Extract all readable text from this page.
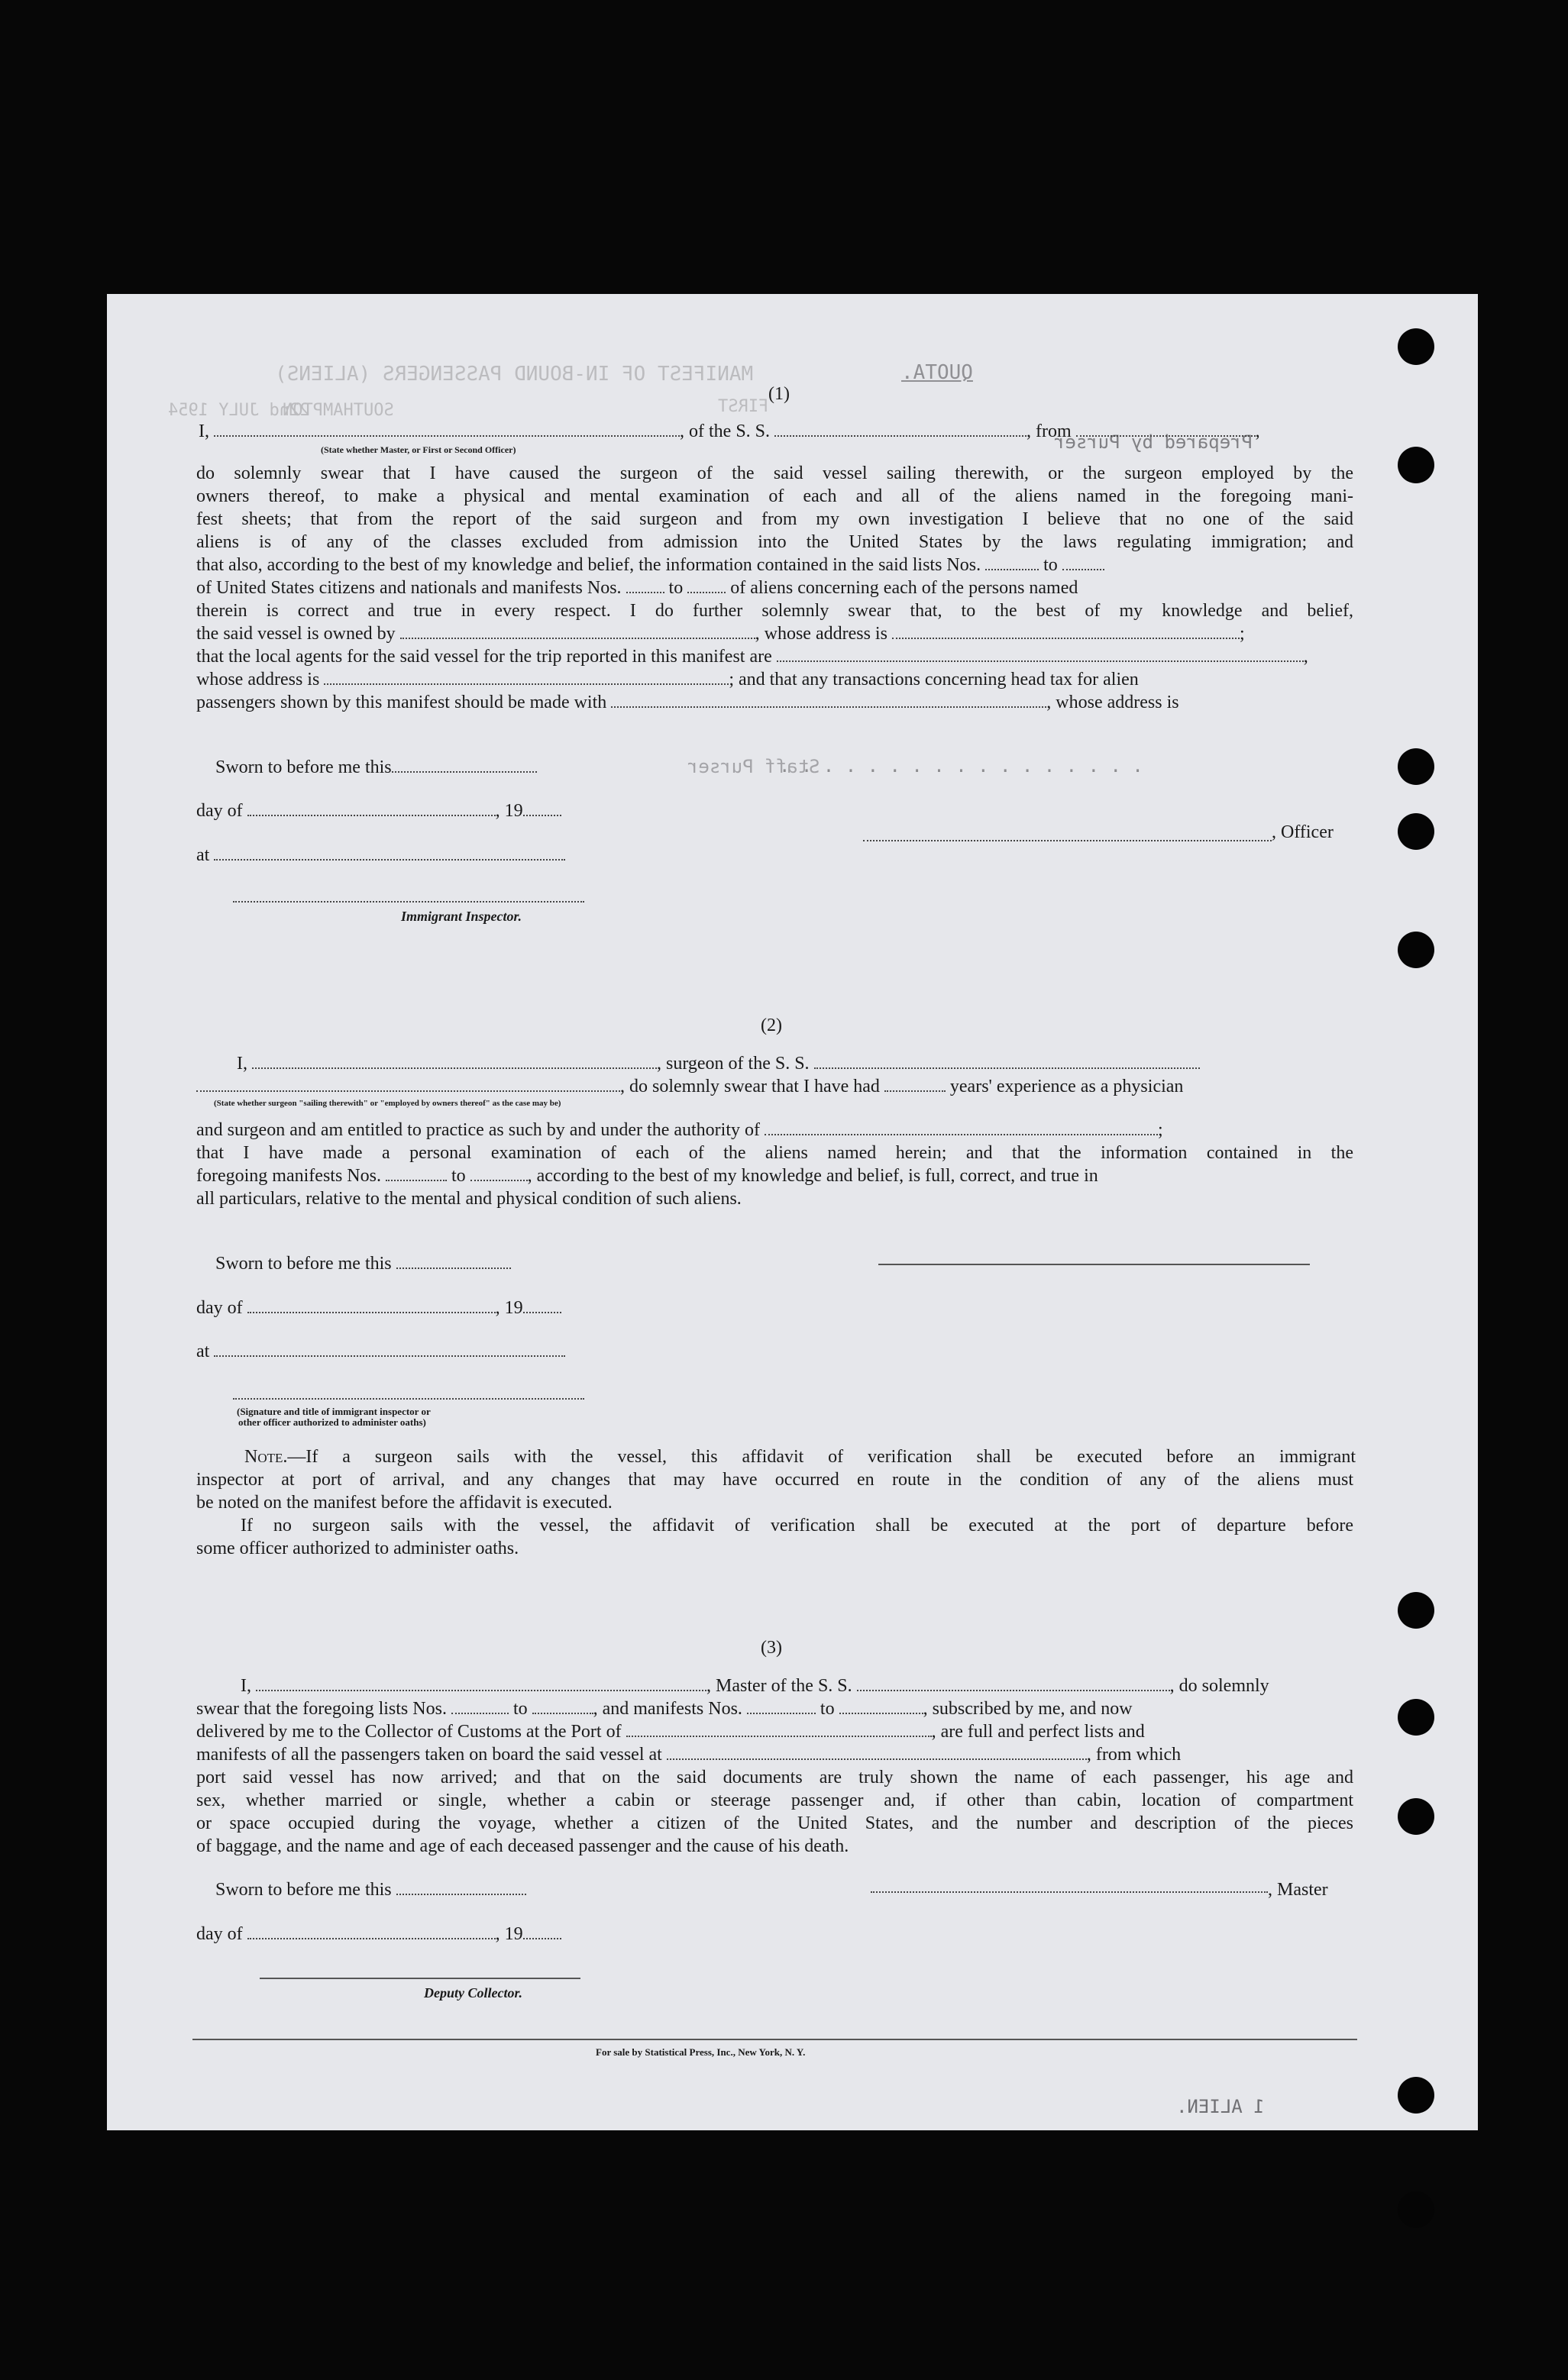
MANIFEST OF IN-BOUND PASSENGERS (ALIENS)
FIRST
SOUTHAMPTON
22nd JULY 1954
QUOTA.
Prepared by Purser
Staff Purser
. . . . . . . . . . . . . . . . .
1 ALIEN.
(1)
I,	, of the S. S.	, from	,
(State whether Master, or First or Second Officer)
do solemnly swear that I have caused the surgeon of the said vessel sailing therewith, or the surgeon employed by the
owners thereof, to make a physical and mental examination of each and all of the aliens named in the foregoing mani-
fest sheets; that from the report of the said surgeon and from my own investigation I believe that no one of the said
aliens is of any of the classes excluded from admission into the United States by the laws regulating immigration; and
that also, according to the best of my knowledge and belief, the information contained in the said lists Nos.	to
of United States citizens and nationals and manifests Nos.	to	of aliens concerning each of the persons named
therein is correct and true in every respect. I do further solemnly swear that, to the best of my knowledge and belief,
the said vessel is owned by	, whose address is	;
that the local agents for the said vessel for the trip reported in this manifest are	,
whose address is	; and that any transactions concerning head tax for alien
passengers shown by this manifest should be made with	, whose address is
Sworn to before me this
day of	, 19
at
Immigrant Inspector.
, Officer
(2)
I,	, surgeon of the S. S.
, do solemnly swear that I have had	years' experience as a physician
(State whether surgeon "sailing therewith" or "employed by owners thereof" as the case may be)
and surgeon and am entitled to practice as such by and under the authority of	;
that I have made a personal examination of each of the aliens named herein; and that the information contained in the
foregoing manifests Nos.	to	, according to the best of my knowledge and belief, is full, correct, and true in
all particulars, relative to the mental and physical condition of such aliens.
Sworn to before me this
day of	, 19
at
(Signature and title of immigrant inspector or
other officer authorized to administer oaths)
Note.—If a surgeon sails with the vessel, this affidavit of verification shall be executed before an immigrant
inspector at port of arrival, and any changes that may have occurred en route in the condition of any of the aliens must
be noted on the manifest before the affidavit is executed.
If no surgeon sails with the vessel, the affidavit of verification shall be executed at the port of departure before
some officer authorized to administer oaths.
(3)
I,	, Master of the S. S.	, do solemnly
swear that the foregoing lists Nos.	to	, and manifests Nos.	to	, subscribed by me, and now
delivered by me to the Collector of Customs at the Port of	, are full and perfect lists and
manifests of all the passengers taken on board the said vessel at	, from which
port said vessel has now arrived; and that on the said documents are truly shown the name of each passenger, his age and
sex, whether married or single, whether a cabin or steerage passenger and, if other than cabin, location of compartment
or space occupied during the voyage, whether a citizen of the United States, and the number and description of the pieces
of baggage, and the name and age of each deceased passenger and the cause of his death.
Sworn to before me this	, Master
day of	, 19
Deputy Collector.
For sale by Statistical Press, Inc., New York, N. Y.
